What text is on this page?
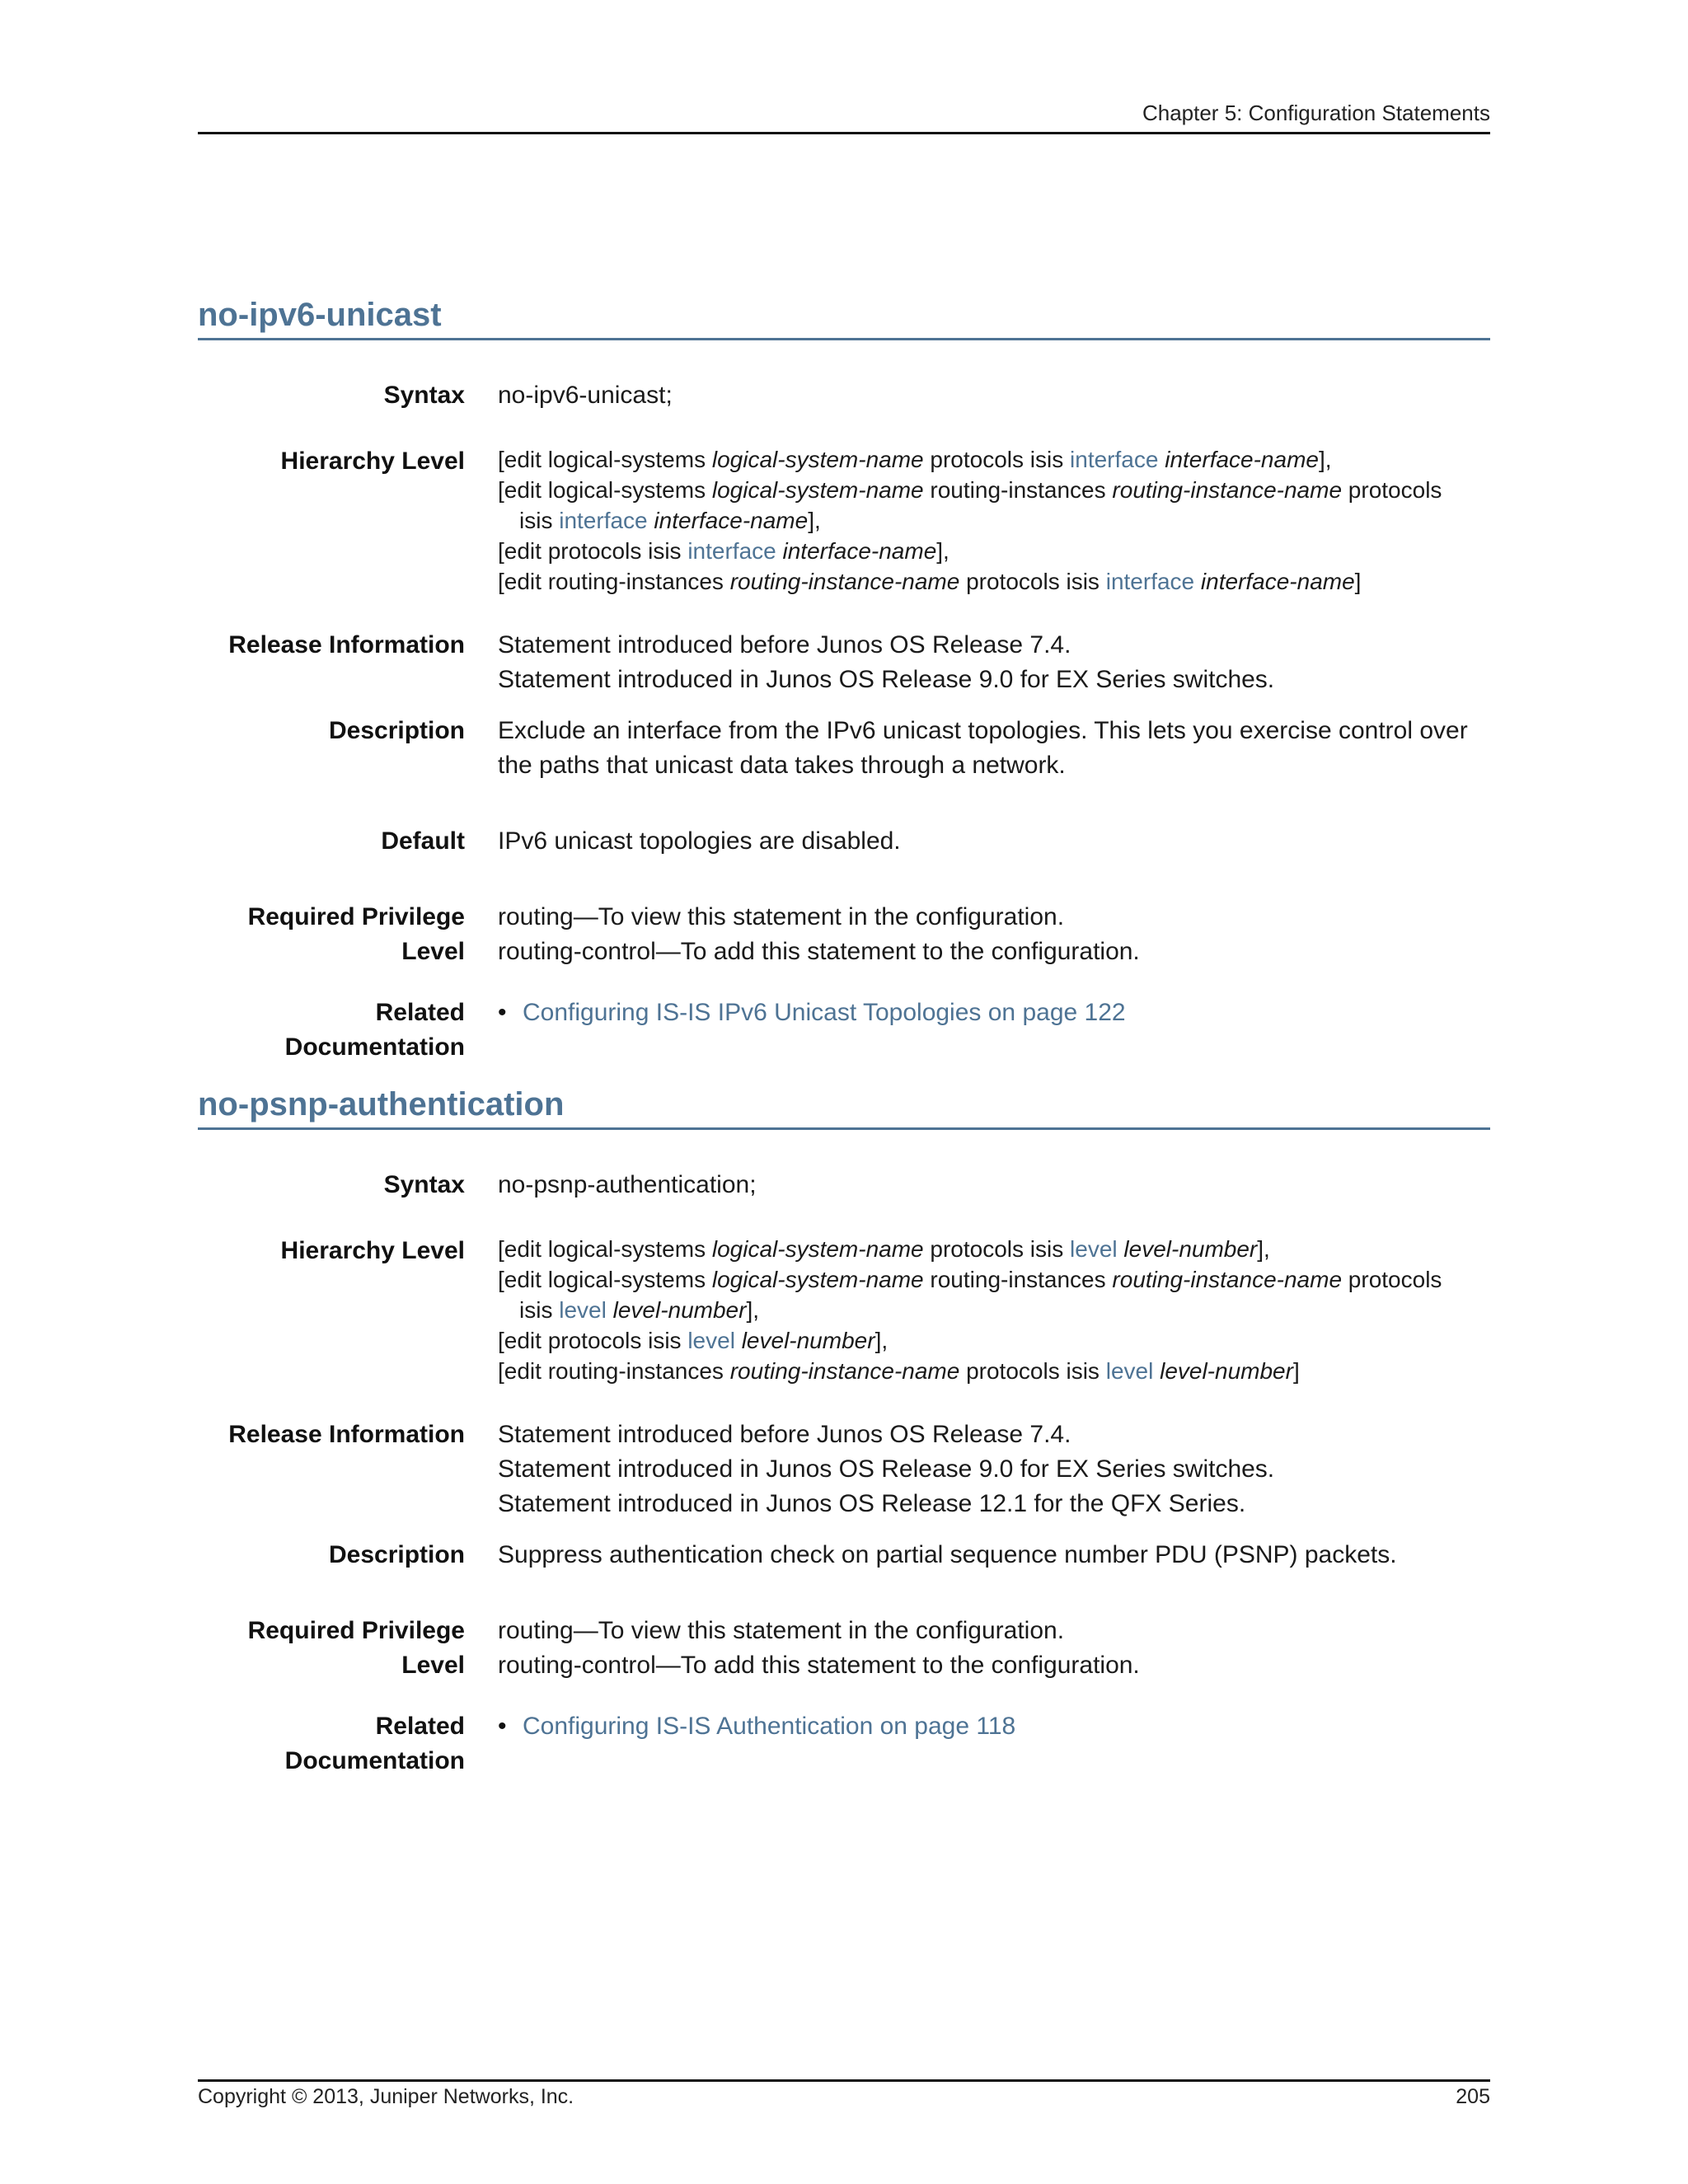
Chapter 5: Configuration Statements
no-ipv6-unicast
Syntax no-ipv6-unicast;
Hierarchy Level [edit logical-systems logical-system-name protocols isis interface interface-name],
[edit logical-systems logical-system-name routing-instances routing-instance-name protocols
isis interface interface-name],
[edit protocols isis interface interface-name],
[edit routing-instances routing-instance-name protocols isis interface interface-name]
Release Information Statement introduced before Junos OS Release 7.4.
Statement introduced in Junos OS Release 9.0 for EX Series switches.
Description Exclude an interface from the IPv6 unicast topologies. This lets you exercise control over the paths that unicast data takes through a network.
Default IPv6 unicast topologies are disabled.
Required Privilege
Level
routing—To view this statement in the configuration.
routing-control—To add this statement to the configuration.
Related
Documentation
• Configuring IS-IS IPv6 Unicast Topologies on page 122
no-psnp-authentication
Syntax no-psnp-authentication;
Hierarchy Level [edit logical-systems logical-system-name protocols isis level level-number],
[edit logical-systems logical-system-name routing-instances routing-instance-name protocols
isis level level-number],
[edit protocols isis level level-number],
[edit routing-instances routing-instance-name protocols isis level level-number]
Release Information Statement introduced before Junos OS Release 7.4.
Statement introduced in Junos OS Release 9.0 for EX Series switches.
Statement introduced in Junos OS Release 12.1 for the QFX Series.
Description Suppress authentication check on partial sequence number PDU (PSNP) packets.
Required Privilege
Level
routing—To view this statement in the configuration.
routing-control—To add this statement to the configuration.
Related
Documentation
• Configuring IS-IS Authentication on page 118
Copyright © 2013, Juniper Networks, Inc.	205
